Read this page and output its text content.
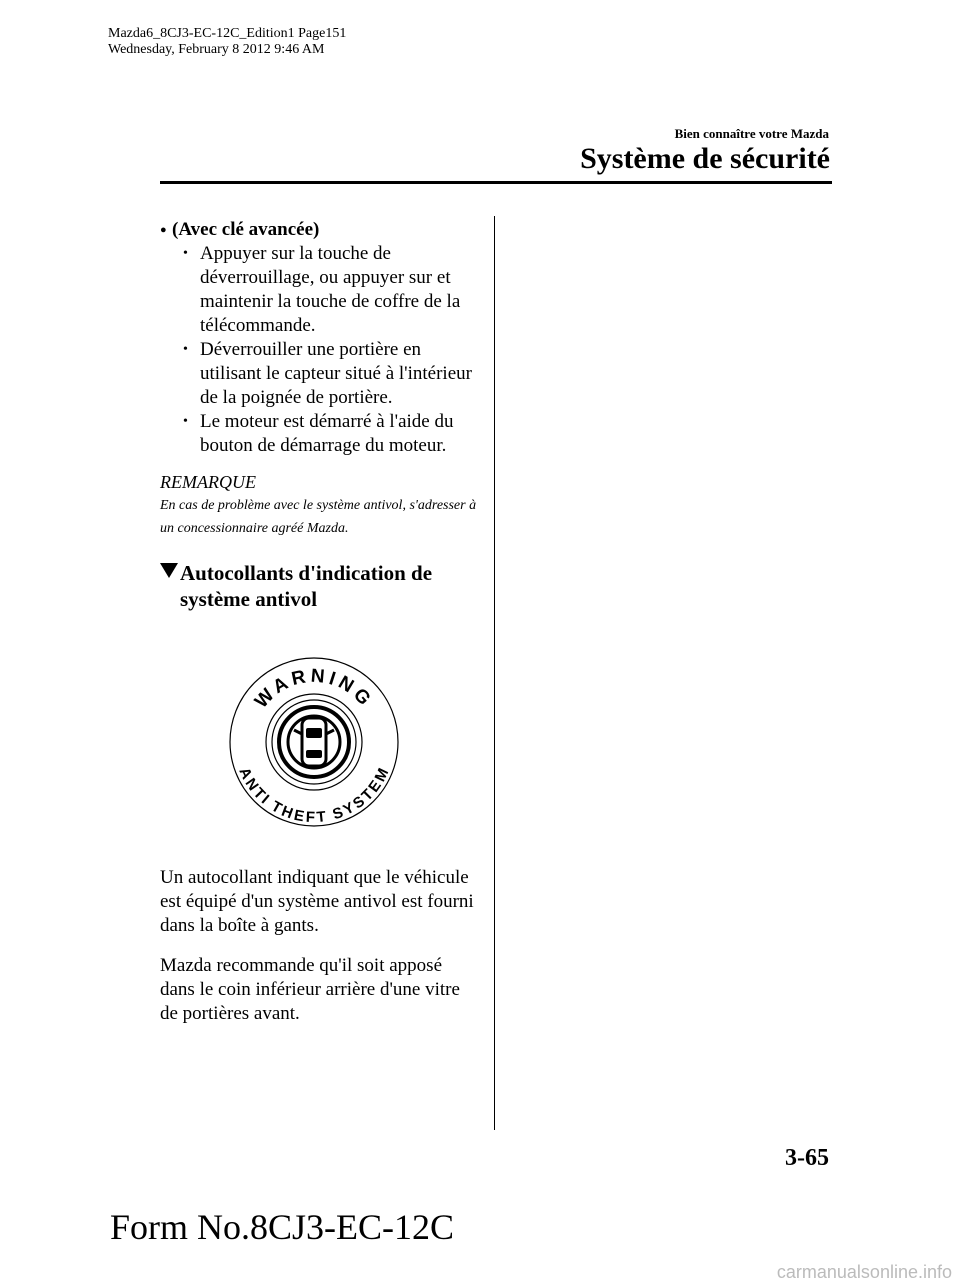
Mazda6_8CJ3-EC-12C_Edition1 Page151
Wednesday, February 8 2012 9:46 AM
Bien connaître votre Mazda
Système de sécurité
● (Avec clé avancée)
• Appuyer sur la touche de déverrouillage, ou appuyer sur et maintenir la touche de coffre de la télécommande.
• Déverrouiller une portière en utilisant le capteur situé à l'intérieur de la poignée de portière.
• Le moteur est démarré à l'aide du bouton de démarrage du moteur.
REMARQUE
En cas de problème avec le système antivol, s'adresser à un concessionnaire agréé Mazda.
Autocollants d'indication de système antivol
WARNING
ANTI THEFT SYSTEM

Un autocollant indiquant que le véhicule est équipé d'un système antivol est fourni dans la boîte à gants.

Mazda recommande qu'il soit apposé dans le coin inférieur arrière d'une vitre de portières avant.

3-65
Form No.8CJ3-EC-12C
carmanualsonline.info
